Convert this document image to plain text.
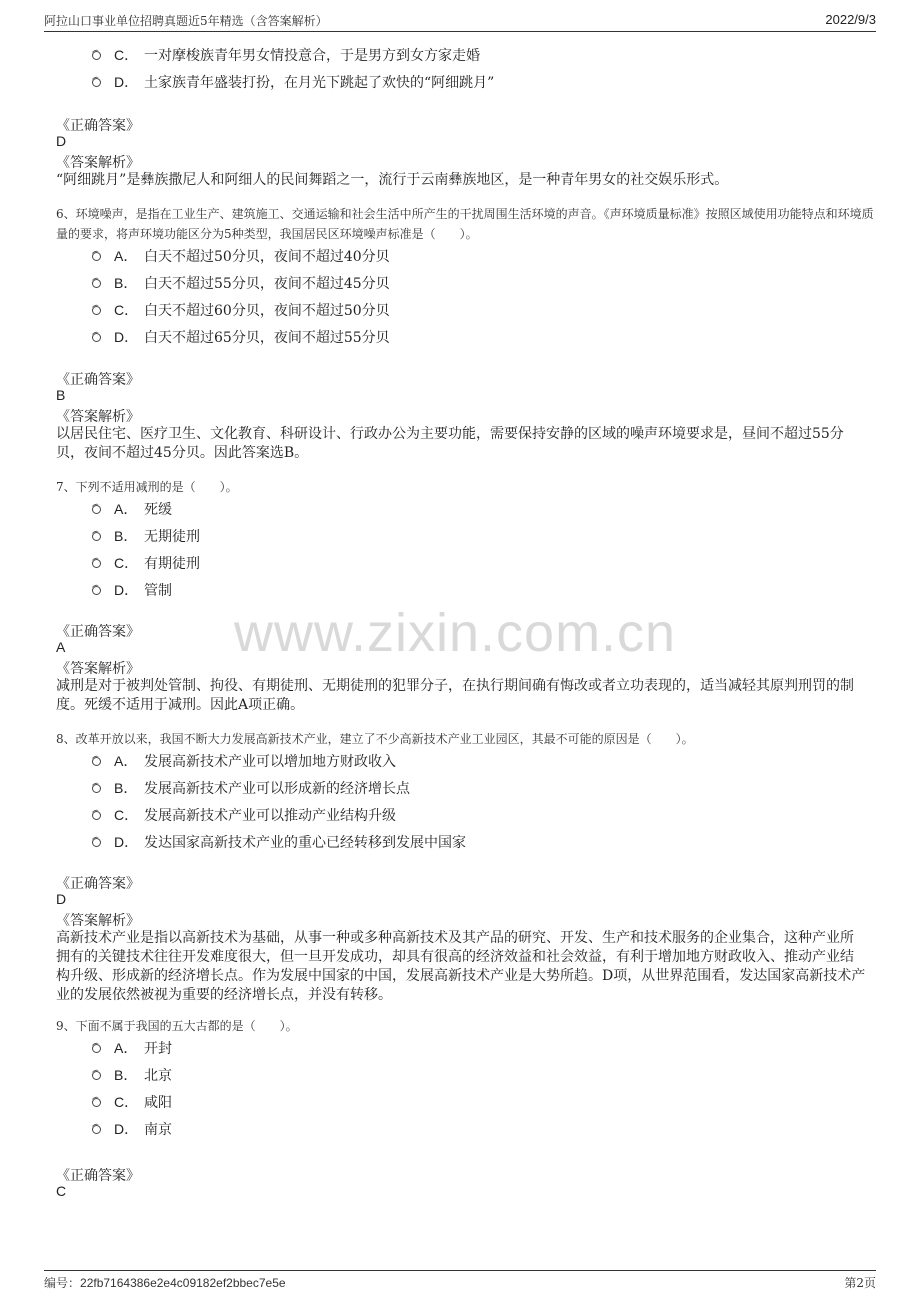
阿拉山口事业单位招聘真题近5年精选（含答案解析）	2022/9/3
www.zixin.com.cn
C． 一对摩梭族青年男女情投意合，于是男方到女方家走婚
D． 土家族青年盛装打扮，在月光下跳起了欢快的“阿细跳月”
《正确答案》
D
《答案解析》
“阿细跳月”是彝族撒尼人和阿细人的民间舞蹈之一，流行于云南彝族地区，是一种青年男女的社交娱乐形式。
6、环境噪声，是指在工业生产、建筑施工、交通运输和社会生活中所产生的干扰周围生活环境的声音。《声环境质量标准》按照区域使用功能特点和环境质量的要求，将声环境功能区分为5种类型，我国居民区环境噪声标准是（　　）。
A． 白天不超过50分贝，夜间不超过40分贝
B． 白天不超过55分贝，夜间不超过45分贝
C． 白天不超过60分贝，夜间不超过50分贝
D． 白天不超过65分贝，夜间不超过55分贝
《正确答案》
B
《答案解析》
以居民住宅、医疗卫生、文化教育、科研设计、行政办公为主要功能，需要保持安静的区域的噪声环境要求是，昼间不超过55分贝，夜间不超过45分贝。因此答案选B。
7、下列不适用减刑的是（　　）。
A． 死缓
B． 无期徒刑
C． 有期徒刑
D． 管制
《正确答案》
A
《答案解析》
减刑是对于被判处管制、拘役、有期徒刑、无期徒刑的犯罪分子，在执行期间确有悔改或者立功表现的，适当减轻其原判刑罚的制度。死缓不适用于减刑。因此A项正确。
8、改革开放以来，我国不断大力发展高新技术产业，建立了不少高新技术产业工业园区，其最不可能的原因是（　　）。
A． 发展高新技术产业可以增加地方财政收入
B． 发展高新技术产业可以形成新的经济增长点
C． 发展高新技术产业可以推动产业结构升级
D． 发达国家高新技术产业的重心已经转移到发展中国家
《正确答案》
D
《答案解析》
高新技术产业是指以高新技术为基础，从事一种或多种高新技术及其产品的研究、开发、生产和技术服务的企业集合，这种产业所拥有的关键技术往往开发难度很大，但一旦开发成功，却具有很高的经济效益和社会效益，有利于增加地方财政收入、推动产业结构升级、形成新的经济增长点。作为发展中国家的中国，发展高新技术产业是大势所趋。D项，从世界范围看，发达国家高新技术产业的发展依然被视为重要的经济增长点，并没有转移。
9、下面不属于我国的五大古都的是（　　）。
A． 开封
B． 北京
C． 咸阳
D． 南京
《正确答案》
C
编号：22fb7164386e2e4c09182ef2bbec7e5e	第2页
